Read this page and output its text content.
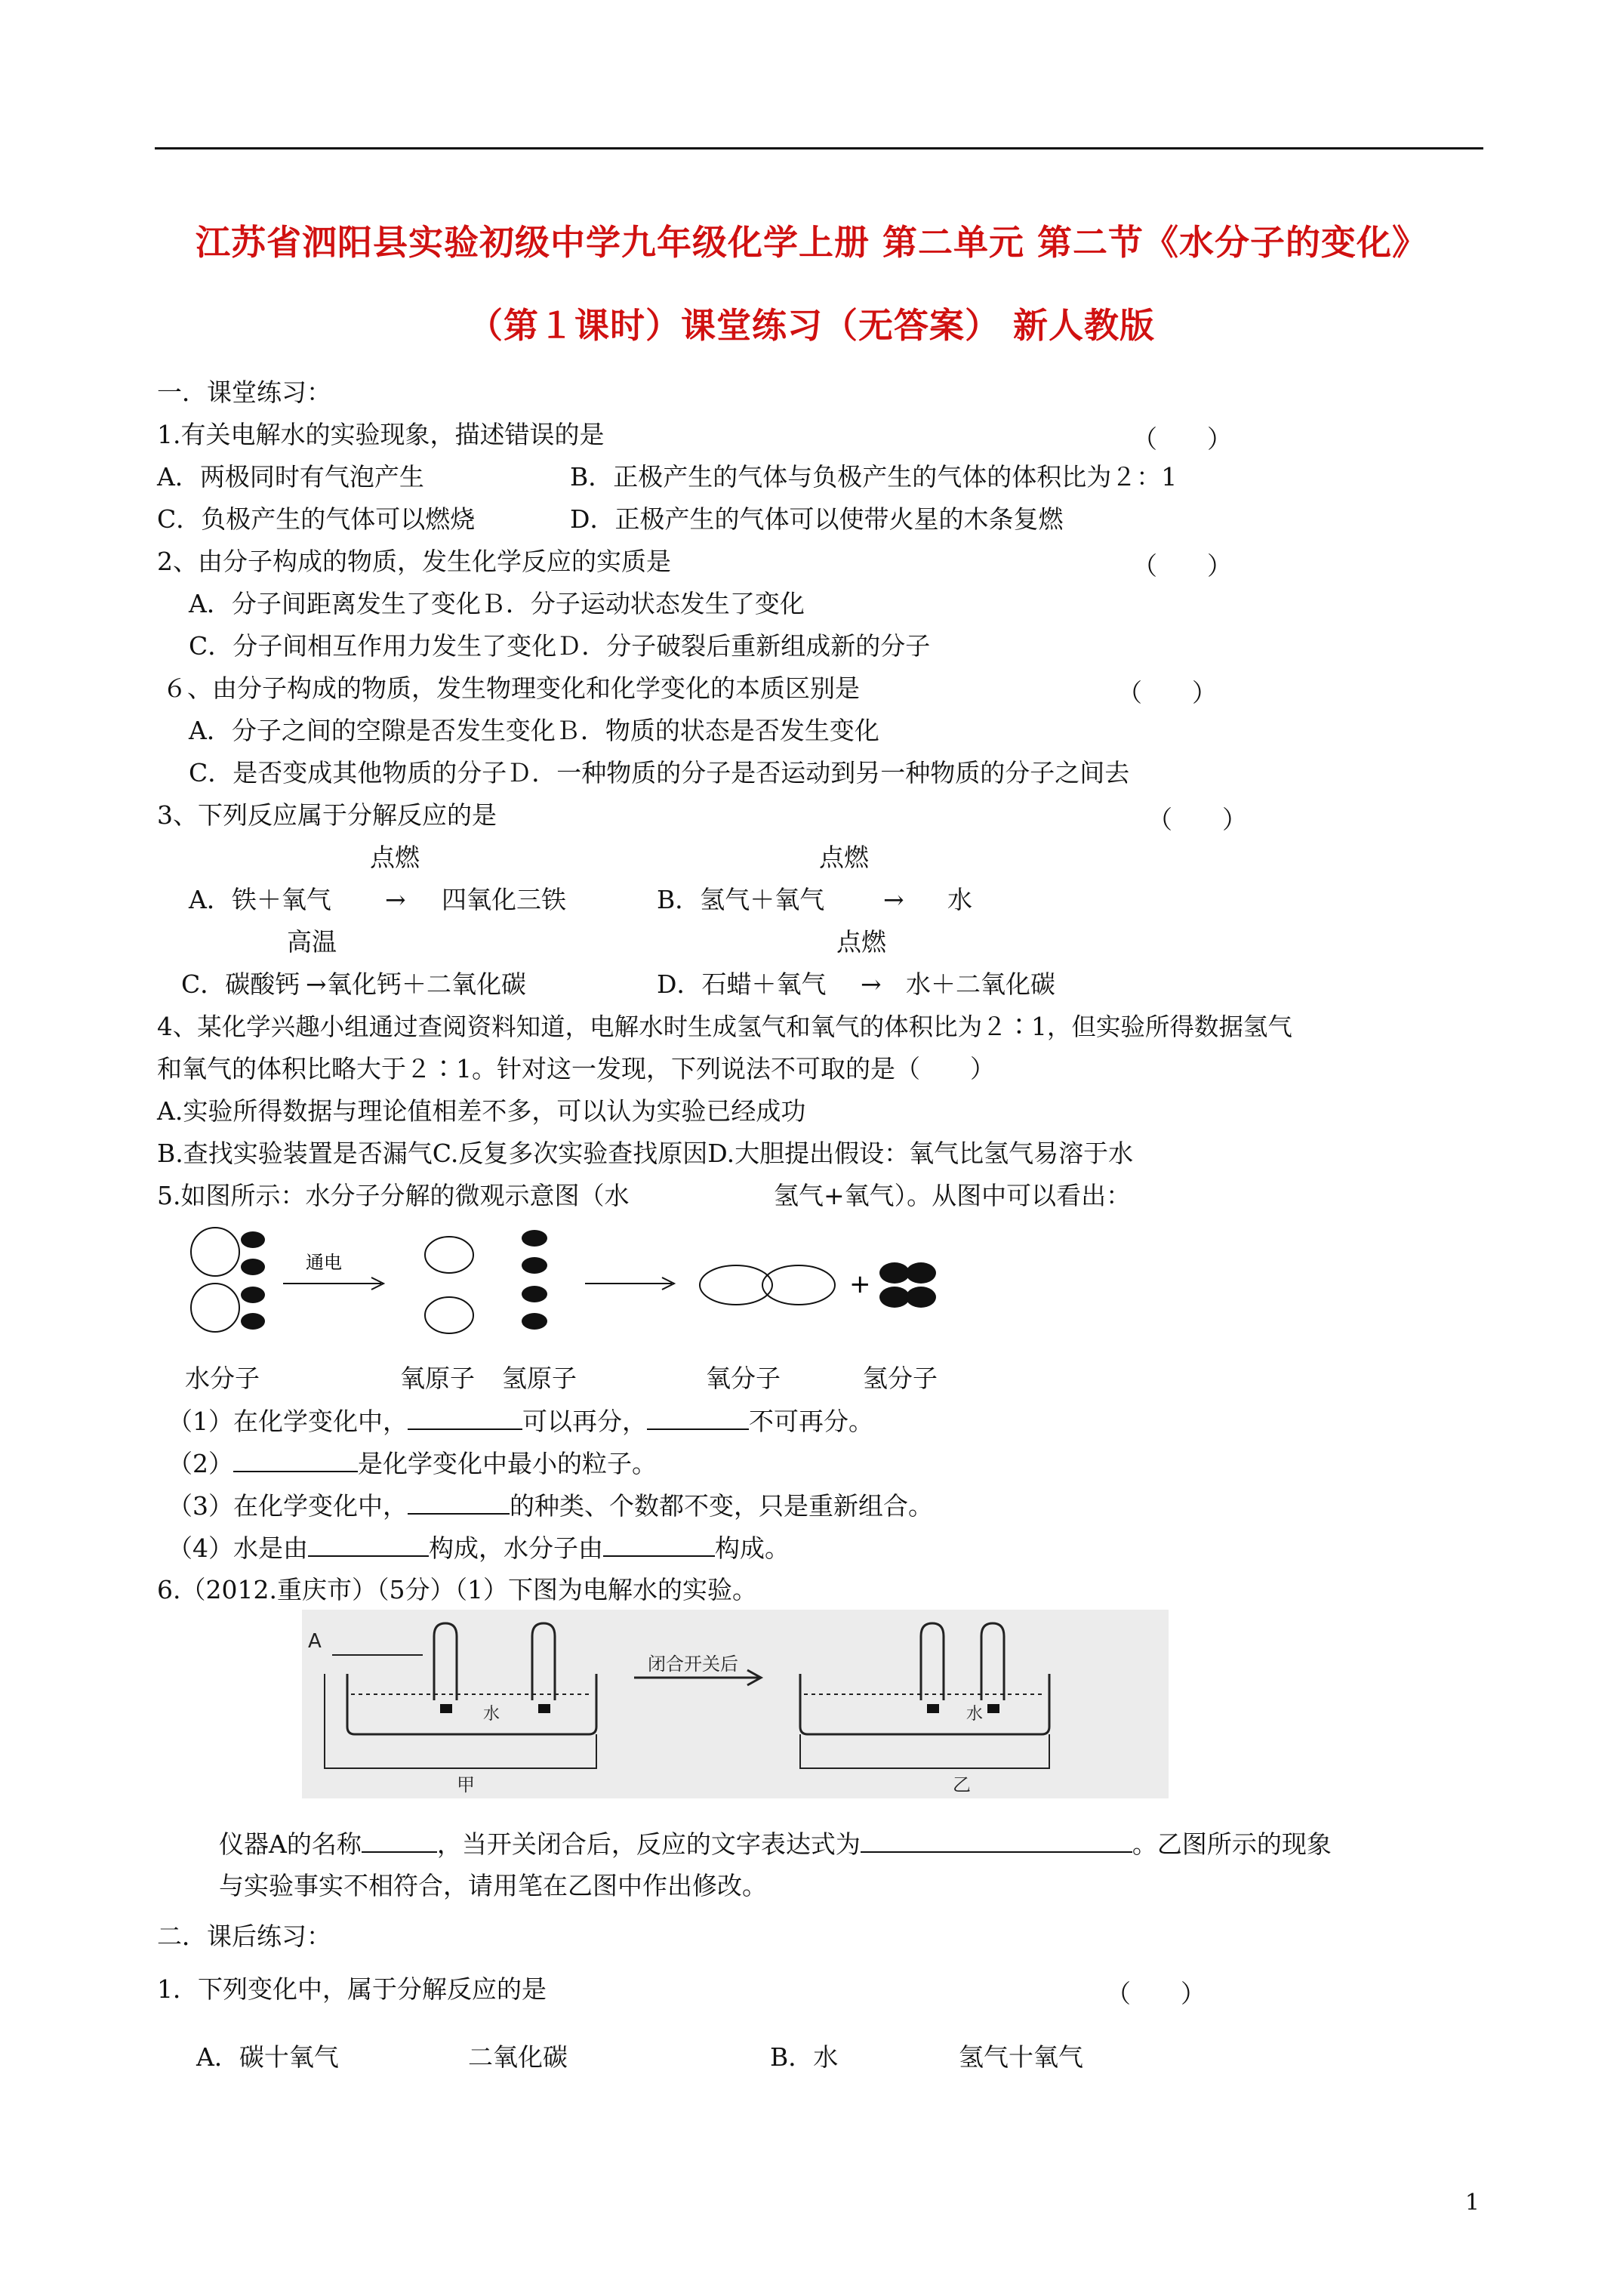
江苏省泗阳县实验初级中学九年级化学上册 第二单元 第二节《水分子的变化》
（第１课时）课堂练习（无答案） 新人教版
一．课堂练习：
1.有关电解水的实验现象，描述错误的是	（　　）
A．两极同时有气泡产生	B．正极产生的气体与负极产生的气体的体积比为２：1
C．负极产生的气体可以燃烧	D．正极产生的气体可以使带火星的木条复燃
2、由分子构成的物质，发生化学反应的实质是	（　　）
A．分子间距离发生了变化Ｂ．分子运动状态发生了变化
C．分子间相互作用力发生了变化Ｄ．分子破裂后重新组成新的分子
６、由分子构成的物质，发生物理变化和化学变化的本质区别是	（　　）
A．分子之间的空隙是否发生变化Ｂ．物质的状态是否发生变化
C．是否变成其他物质的分子Ｄ．一种物质的分子是否运动到另一种物质的分子之间去
3、下列反应属于分解反应的是	（　　）
点燃	点燃
A．铁＋氧气 → 四氧化三铁	B．氢气＋氧气 → 水
高温	点燃
C．碳酸钙 → 氧化钙＋二氧化碳	D．石蜡＋氧气 → 水＋二氧化碳
4、某化学兴趣小组通过查阅资料知道，电解水时生成氢气和氧气的体积比为２∶1，但实验所得数据氢气
和氧气的体积比略大于２∶1。针对这一发现，下列说法不可取的是（　　）
A.实验所得数据与理论值相差不多，可以认为实验已经成功
B.查找实验装置是否漏气C.反复多次实验查找原因D.大胆提出假设：氧气比氢气易溶于水
5.如图所示：水分子分解的微观示意图（水	氢气+氧气）。从图中可以看出：
通电
+
水分子	氧原子 氢原子	氧分子	氢分子
（1）在化学变化中，	可以再分，	不可再分。
（2）	是化学变化中最小的粒子。
（3）在化学变化中，	的种类、个数都不变，只是重新组合。
（4）水是由	构成，水分子由	构成。
6.（2012.重庆市）（5分）（1）下图为电解水的实验。
A
水
甲
闭合开关后
水
乙
仪器A的名称	，当开关闭合后，反应的文字表达式为	。乙图所示的现象
与实验事实不相符合，请用笔在乙图中作出修改。
二．课后练习：
1．下列变化中，属于分解反应的是	（　　）
A．碳十氧气	二氧化碳	B．水	氢气十氧气
1
